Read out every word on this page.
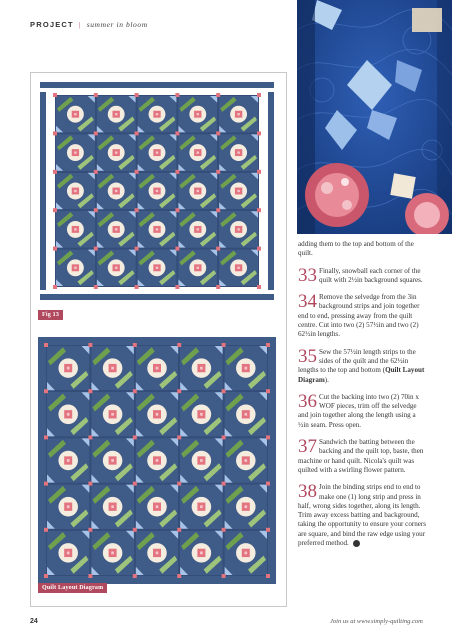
PROJECT | summer in bloom
Fig 13
Quilt Layout Diagram

adding them to the top and bottom of the quilt.

33 Finally, snowball each corner of the quilt with 2½in background squares.
34 Remove the selvedge from the 3in background strips and join together end to end, pressing away from the quilt centre. Cut into two (2) 57½in and two (2) 62½in lengths.
35 Sew the 57½in length strips to the sides of the quilt and the 62½in lengths to the top and bottom (Quilt Layout Diagram).
36 Cut the backing into two (2) 70in x WOF pieces, trim off the selvedge and join together along the length using a ½in seam. Press open.
37 Sandwich the batting between the backing and the quilt top, baste, then machine or hand quilt. Nicola's quilt was quilted with a swirling flower pattern.
38 Join the binding strips end to end to make one (1) long strip and press in half, wrong sides together, along its length. Trim away excess batting and background, taking the opportunity to ensure your corners are square, and bind the raw edge using your preferred method.
24	Join us at www.simply-quilting.com
